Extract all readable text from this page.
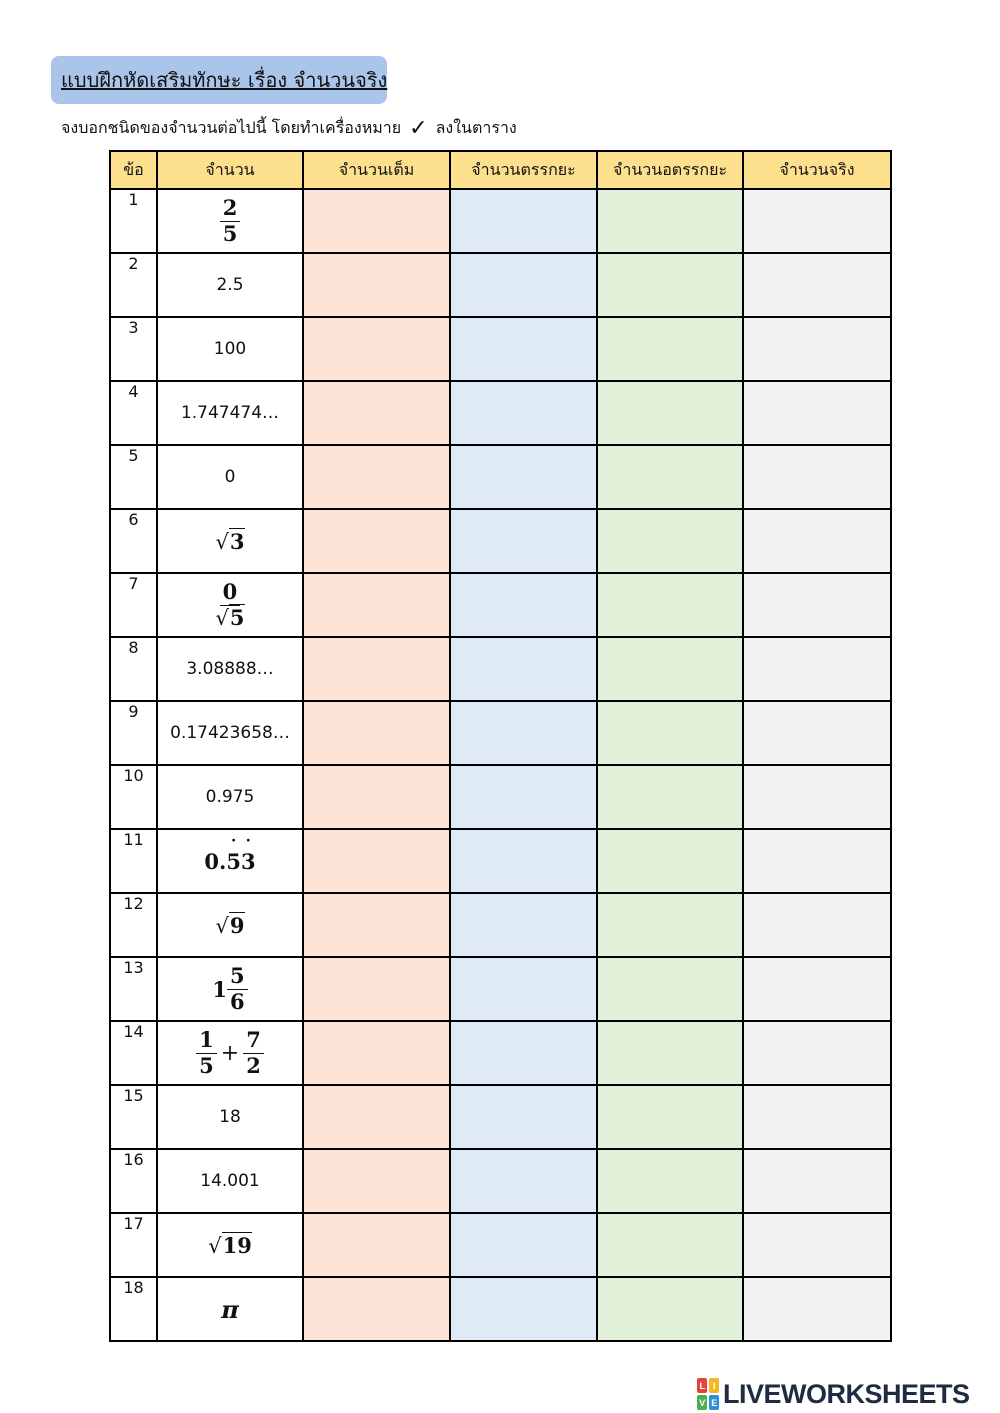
แบบฝึกหัดเสริมทักษะ เรื่อง จำนวนจริง
จงบอกชนิดของจำนวนต่อไปนี้ โดยทำเครื่องหมาย ✓ ลงในตาราง
ข้อ	จำนวน	จำนวนเต็ม	จำนวนตรรกยะ	จำนวนอตรรกยะ	จำนวนจริง
1	$\frac{2}{5}$

2	2.5				
3	100				
4	1.747474…				
5	0				
6	√3				
7	$\frac{0}{√5}$

8	3.08888…				
9	0.17423658…				
10	0.975				
11	0.˙ 5˙ 3				
12	√9				
13	$1 \frac{5}{6}$

14	$\frac{1}{5} + \frac{7}{2}$

15	18				
16	14.001				
17	√19				
18	π				
L I
V E LIVEWORKSHEETS
